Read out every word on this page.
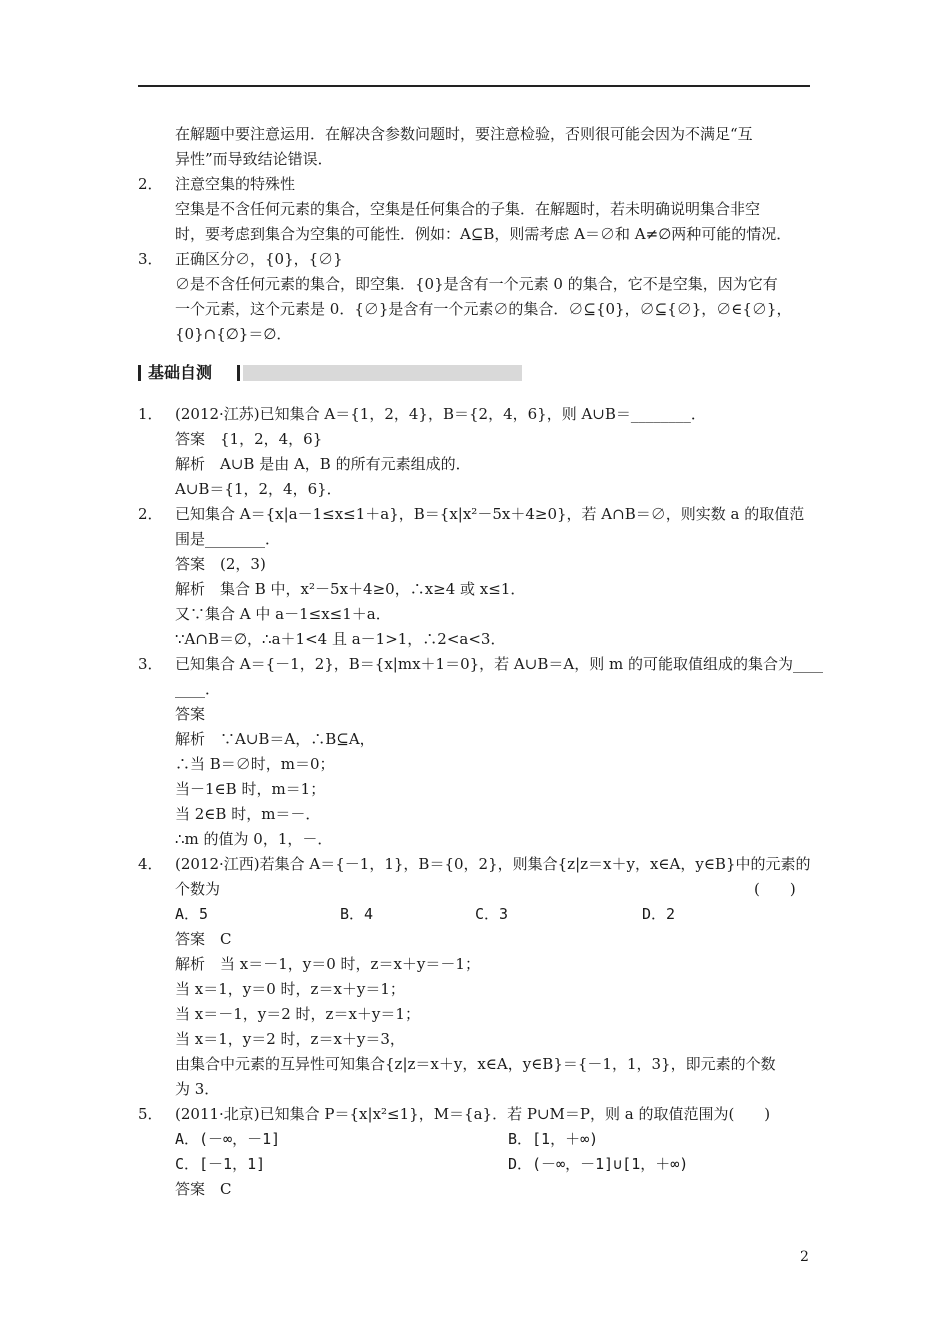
在解题中要注意运用．在解决含参数问题时，要注意检验，否则很可能会因为不满足“互
异性”而导致结论错误．
2． 注意空集的特殊性
空集是不含任何元素的集合，空集是任何集合的子集．在解题时，若未明确说明集合非空
时，要考虑到集合为空集的可能性．例如：A⊆B，则需考虑 A＝∅和 A≠∅两种可能的情况．
3． 正确区分∅，{0}，{∅}
∅是不含任何元素的集合，即空集．{0}是含有一个元素 0 的集合，它不是空集，因为它有
一个元素，这个元素是 0．{∅}是含有一个元素∅的集合．∅⊆{0}，∅⊆{∅}，∅∈{∅}，
{0}∩{∅}＝∅．
基础自测
1． (2012·江苏)已知集合 A＝{1，2，4}，B＝{2，4，6}，则 A∪B＝________．
答案　{1，2，4，6}
解析　A∪B 是由 A，B 的所有元素组成的．
A∪B＝{1，2，4，6}．
2． 已知集合 A＝{x|a－1≤x≤1＋a}，B＝{x|x²－5x＋4≥0}，若 A∩B＝∅，则实数 a 的取值范
围是________．
答案　(2，3)
解析　集合 B 中，x²－5x＋4≥0，∴x≥4 或 x≤1．
又∵集合 A 中 a－1≤x≤1＋a．
∵A∩B＝∅，∴a＋1<4 且 a－1>1，∴2<a<3．
3． 已知集合 A＝{－1，2}，B＝{x|mx＋1＝0}，若 A∪B＝A，则 m 的可能取值组成的集合为____
____．
答案
解析　∵A∪B＝A，∴B⊆A，
∴当 B＝∅时，m＝0；
当－1∈B 时，m＝1；
当 2∈B 时，m＝－．
∴m 的值为 0，1，－．
4． (2012·江西)若集合 A＝{－1，1}，B＝{0，2}，则集合{z|z＝x＋y，x∈A，y∈B}中的元素的
个数为	(　　)
A．5	B．4	C．3	D．2
答案　C
解析　当 x＝－1，y＝0 时，z＝x＋y＝－1；
当 x＝1，y＝0 时，z＝x＋y＝1；
当 x＝－1，y＝2 时，z＝x＋y＝1；
当 x＝1，y＝2 时，z＝x＋y＝3，
由集合中元素的互异性可知集合{z|z＝x＋y，x∈A，y∈B}＝{－1，1，3}，即元素的个数
为 3．
5． (2011·北京)已知集合 P＝{x|x²≤1}，M＝{a}．若 P∪M＝P，则 a 的取值范围为(　　)
A．(－∞，－1]	B．[1，＋∞)
C．[－1，1]	D．(－∞，－1]∪[1，＋∞)
答案　C
2
